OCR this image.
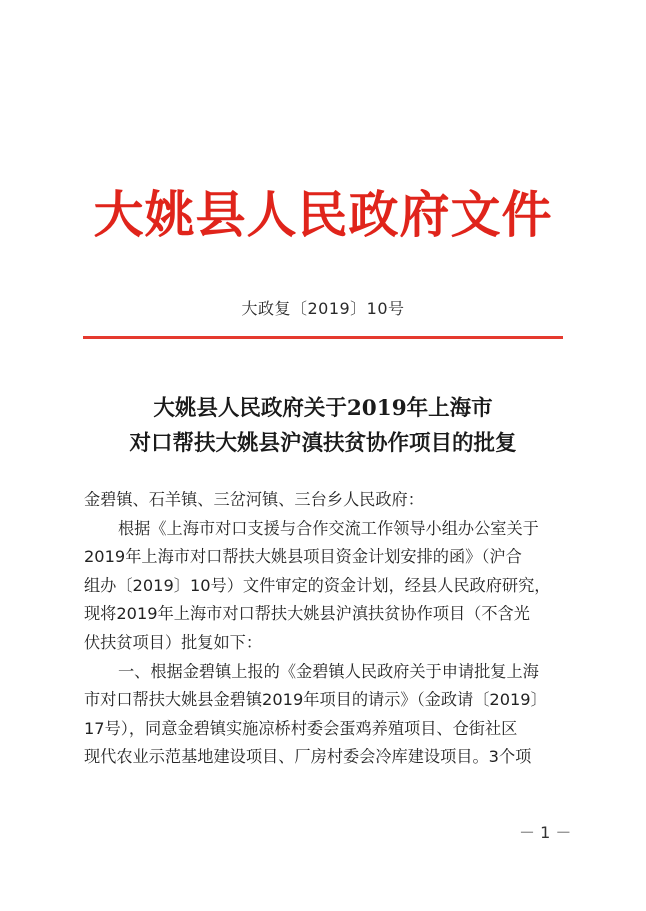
大姚县人民政府文件
大政复〔2019〕10号
大姚县人民政府关于2019年上海市
对口帮扶大姚县沪滇扶贫协作项目的批复
金碧镇、石羊镇、三岔河镇、三台乡人民政府：
根据《上海市对口支援与合作交流工作领导小组办公室关于
2019年上海市对口帮扶大姚县项目资金计划安排的函》（沪合
组办〔2019〕10号）文件审定的资金计划，经县人民政府研究，
现将2019年上海市对口帮扶大姚县沪滇扶贫协作项目（不含光
伏扶贫项目）批复如下：
一、根据金碧镇上报的《金碧镇人民政府关于申请批复上海
市对口帮扶大姚县金碧镇2019年项目的请示》（金政请〔2019〕
17号），同意金碧镇实施凉桥村委会蛋鸡养殖项目、仓街社区
现代农业示范基地建设项目、厂房村委会冷库建设项目。3个项
－ 1 －
